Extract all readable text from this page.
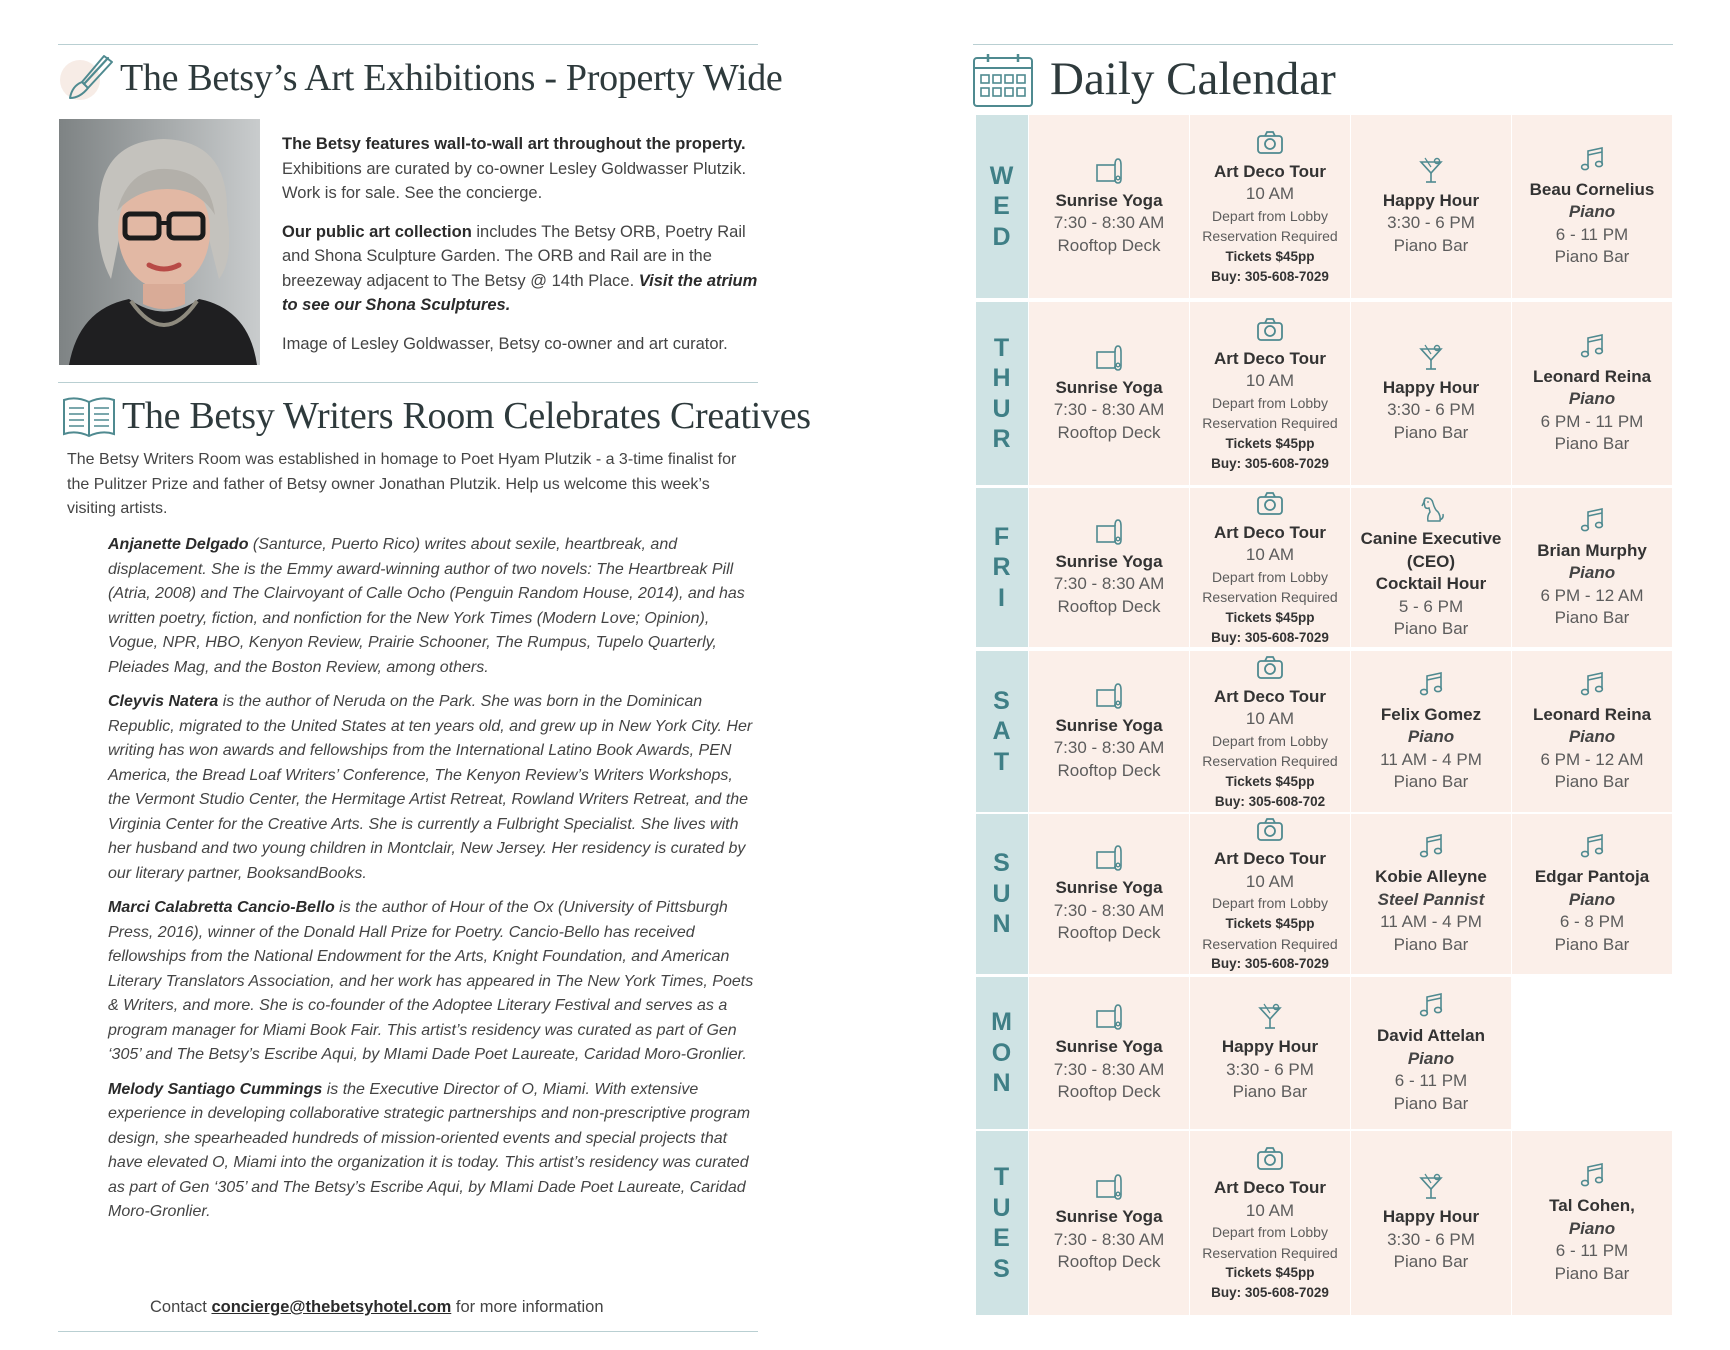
The Betsy’s Art Exhibitions - Property Wide

The Betsy features wall-to-wall art throughout the property. Exhibitions are curated by co-owner Lesley Goldwasser Plutzik. Work is for sale. See the concierge.

Our public art collection includes The Betsy ORB, Poetry Rail and Shona Sculpture Garden. The ORB and Rail are in the breezeway adjacent to The Betsy @ 14th Place. Visit the atrium to see our Shona Sculptures.

Image of Lesley Goldwasser, Betsy co-owner and art curator.

The Betsy Writers Room Celebrates Creatives

The Betsy Writers Room was established in homage to Poet Hyam Plutzik - a 3-time finalist for the Pulitzer Prize and father of Betsy owner Jonathan Plutzik. Help us welcome this week’s visiting artists.

Anjanette Delgado (Santurce, Puerto Rico) writes about sexile, heartbreak, and displacement. She is the Emmy award-winning author of two novels: The Heartbreak Pill (Atria, 2008) and The Clairvoyant of Calle Ocho (Penguin Random House, 2014), and has written poetry, fiction, and nonfiction for the New York Times (Modern Love; Opinion), Vogue, NPR, HBO, Kenyon Review, Prairie Schooner, The Rumpus, Tupelo Quarterly, Pleiades Mag, and the Boston Review, among others.

Cleyvis Natera is the author of Neruda on the Park. She was born in the Dominican Republic, migrated to the United States at ten years old, and grew up in New York City. Her writing has won awards and fellowships from the International Latino Book Awards, PEN America, the Bread Loaf Writers’ Conference, The Kenyon Review’s Writers Workshops, the Vermont Studio Center, the Hermitage Artist Retreat, Rowland Writers Retreat, and the Virginia Center for the Creative Arts. She is currently a Fulbright Specialist. She lives with her husband and two young children in Montclair, New Jersey. Her residency is curated by our literary partner, BooksandBooks.

Marci Calabretta Cancio-Bello is the author of Hour of the Ox (University of Pittsburgh Press, 2016), winner of the Donald Hall Prize for Poetry. Cancio-Bello has received fellowships from the National Endowment for the Arts, Knight Foundation, and American Literary Translators Association, and her work has appeared in The New York Times, Poets & Writers, and more. She is co-founder of the Adoptee Literary Festival and serves as a program manager for Miami Book Fair. This artist’s residency was curated as part of Gen ‘305’ and The Betsy’s Escribe Aqui, by MIami Dade Poet Laureate, Caridad Moro-Gronlier.

Melody Santiago Cummings is the Executive Director of O, Miami. With extensive experience in developing collaborative strategic partnerships and non-prescriptive program design, she spearheaded hundreds of mission-oriented events and special projects that have elevated O, Miami into the organization it is today. This artist’s residency was curated as part of Gen ‘305’ and The Betsy’s Escribe Aqui, by MIami Dade Poet Laureate, Caridad Moro-Gronlier.

Contact concierge@thebetsyhotel.com for more information
Daily Calendar
W
E
D
Sunrise Yoga
7:30 - 8:30 AM
Rooftop Deck
Art Deco Tour
10 AM
Depart from Lobby
Reservation Required
Tickets $45pp
Buy: 305-608-7029
Happy Hour
3:30 - 6 PM
Piano Bar
Beau Cornelius
Piano
6 - 11 PM
Piano Bar
T
H
U
R
Sunrise Yoga
7:30 - 8:30 AM
Rooftop Deck
Art Deco Tour
10 AM
Depart from Lobby
Reservation Required
Tickets $45pp
Buy: 305-608-7029
Happy Hour
3:30 - 6 PM
Piano Bar
Leonard Reina
Piano
6 PM - 11 PM
Piano Bar
F
R
I
Sunrise Yoga
7:30 - 8:30 AM
Rooftop Deck
Art Deco Tour
10 AM
Depart from Lobby
Reservation Required
Tickets $45pp
Buy: 305-608-7029
Canine Executive
(CEO)
Cocktail Hour
5 - 6 PM
Piano Bar
Brian Murphy
Piano
6 PM - 12 AM
Piano Bar
S
A
T
Sunrise Yoga
7:30 - 8:30 AM
Rooftop Deck
Art Deco Tour
10 AM
Depart from Lobby
Reservation Required
Tickets $45pp
Buy: 305-608-702
Felix Gomez
Piano
11 AM - 4 PM
Piano Bar
Leonard Reina
Piano
6 PM - 12 AM
Piano Bar
S
U
N
Sunrise Yoga
7:30 - 8:30 AM
Rooftop Deck
Art Deco Tour
10 AM
Depart from Lobby
Tickets $45pp
Reservation Required
Buy: 305-608-7029
Kobie Alleyne
Steel Pannist
11 AM - 4 PM
Piano Bar
Edgar Pantoja
Piano
6 - 8 PM
Piano Bar
M
O
N
Sunrise Yoga
7:30 - 8:30 AM
Rooftop Deck
Happy Hour
3:30 - 6 PM
Piano Bar
David Attelan
Piano
6 - 11 PM
Piano Bar
T
U
E
S
Sunrise Yoga
7:30 - 8:30 AM
Rooftop Deck
Art Deco Tour
10 AM
Depart from Lobby
Reservation Required
Tickets $45pp
Buy: 305-608-7029
Happy Hour
3:30 - 6 PM
Piano Bar
Tal Cohen,
Piano
6 - 11 PM
Piano Bar
